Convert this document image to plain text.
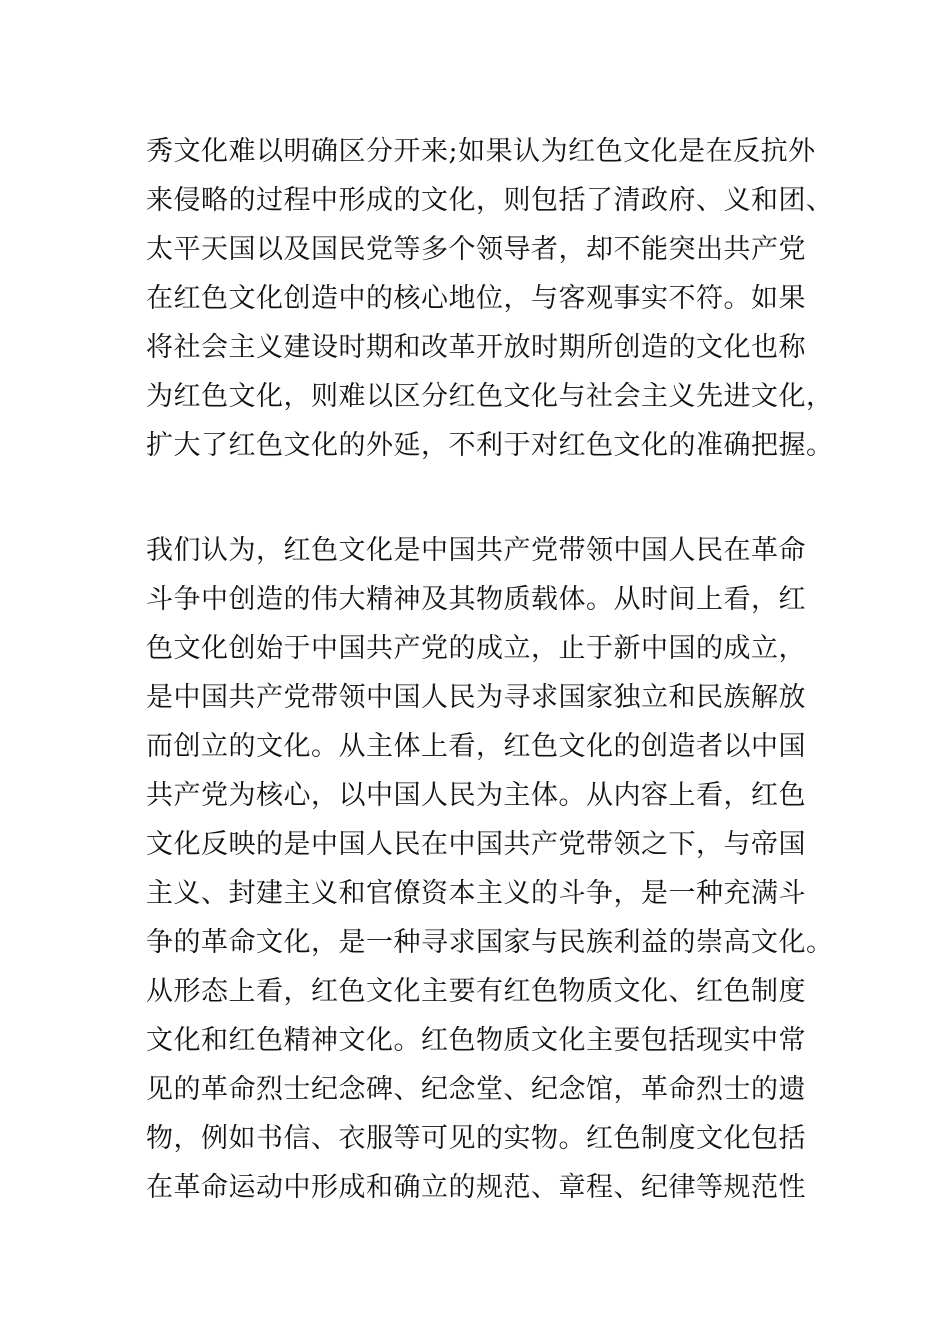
秀文化难以明确区分开来;如果认为红色文化是在反抗外
来侵略的过程中形成的文化，则包括了清政府、义和团、
太平天国以及国民党等多个领导者，却不能突出共产党
在红色文化创造中的核心地位，与客观事实不符。如果
将社会主义建设时期和改革开放时期所创造的文化也称
为红色文化，则难以区分红色文化与社会主义先进文化，
扩大了红色文化的外延，不利于对红色文化的准确把握。

我们认为，红色文化是中国共产党带领中国人民在革命
斗争中创造的伟大精神及其物质载体。从时间上看，红
色文化创始于中国共产党的成立，止于新中国的成立，
是中国共产党带领中国人民为寻求国家独立和民族解放
而创立的文化。从主体上看，红色文化的创造者以中国
共产党为核心，以中国人民为主体。从内容上看，红色
文化反映的是中国人民在中国共产党带领之下，与帝国
主义、封建主义和官僚资本主义的斗争，是一种充满斗
争的革命文化，是一种寻求国家与民族利益的崇高文化。
从形态上看，红色文化主要有红色物质文化、红色制度
文化和红色精神文化。红色物质文化主要包括现实中常
见的革命烈士纪念碑、纪念堂、纪念馆，革命烈士的遗
物，例如书信、衣服等可见的实物。红色制度文化包括
在革命运动中形成和确立的规范、章程、纪律等规范性
